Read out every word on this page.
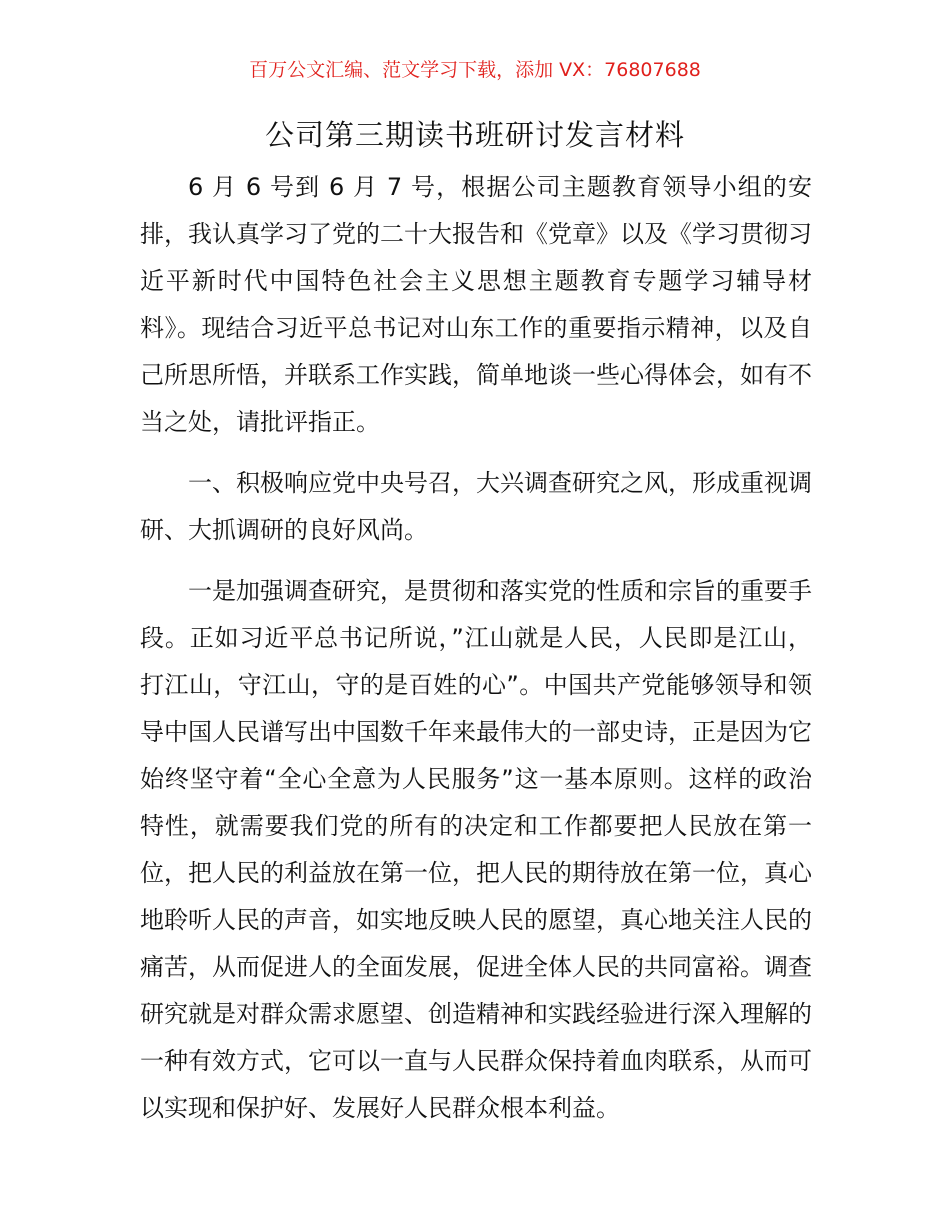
百万公文汇编、范文学习下载，添加 VX：76807688
公司第三期读书班研讨发言材料

6 月 6 号到 6 月 7 号，根据公司主题教育领导小组的安排，我认真学习了党的二十大报告和《党章》以及《学习贯彻习近平新时代中国特色社会主义思想主题教育专题学习辅导材料》。现结合习近平总书记对山东工作的重要指示精神，以及自己所思所悟，并联系工作实践，简单地谈一些心得体会，如有不当之处，请批评指正。

一、积极响应党中央号召，大兴调查研究之风，形成重视调研、大抓调研的良好风尚。

一是加强调查研究，是贯彻和落实党的性质和宗旨的重要手段。正如习近平总书记所说，”江山就是人民，人民即是江山，打江山，守江山，守的是百姓的心”。中国共产党能够领导和领导中国人民谱写出中国数千年来最伟大的一部史诗，正是因为它始终坚守着“全心全意为人民服务”这一基本原则。这样的政治特性，就需要我们党的所有的决定和工作都要把人民放在第一位，把人民的利益放在第一位，把人民的期待放在第一位，真心地聆听人民的声音，如实地反映人民的愿望，真心地关注人民的痛苦，从而促进人的全面发展，促进全体人民的共同富裕。调查研究就是对群众需求愿望、创造精神和实践经验进行深入理解的一种有效方式，它可以一直与人民群众保持着血肉联系，从而可以实现和保护好、发展好人民群众根本利益。
